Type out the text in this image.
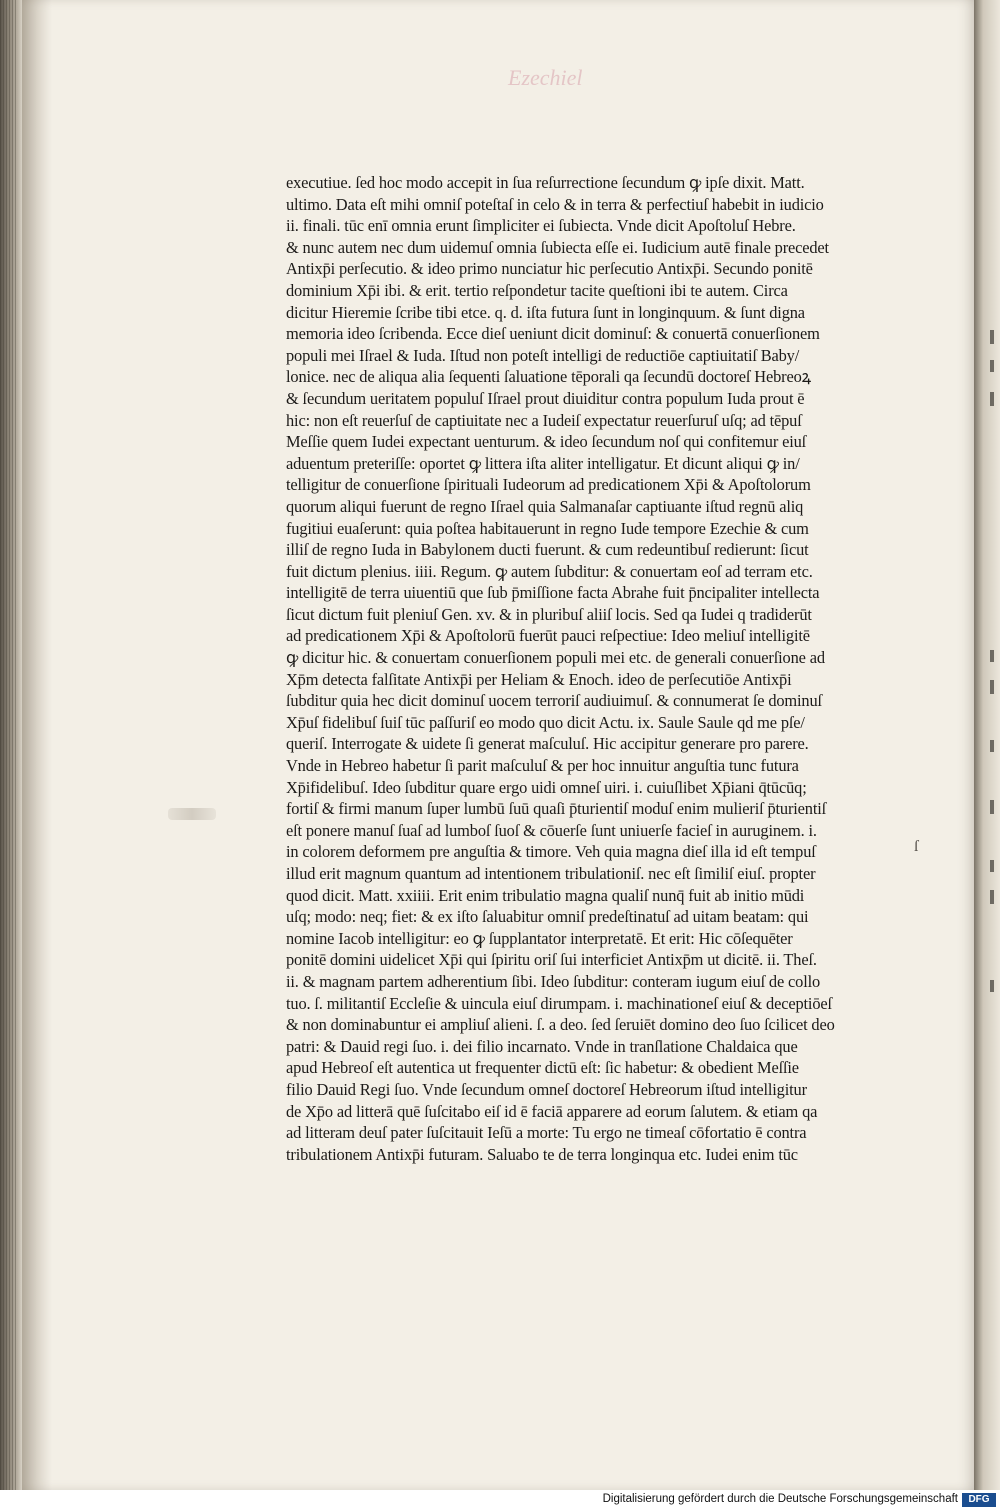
Ezechiel
ſ
executiue. ſed hoc modo accepit in ſua reſurrectione ſecundum ꝙ ipſe dixit. Matt.
ultimo. Data eſt mihi omniſ poteſtaſ in celo & in terra & perfectiuſ habebit in iudicio
ii. finali. tūc enī omnia erunt ſimpliciter ei ſubiecta. Vnde dicit Apoſtoluſ Hebre.
& nunc autem nec dum uidemuſ omnia ſubiecta eſſe ei. Iudicium autē finale precedet
Antixp̄i perſecutio. & ideo primo nunciatur hic perſecutio Antixp̄i. Secundo ponitē
dominium Xp̄i ibi. & erit. tertio reſpondetur tacite queſtioni ibi te autem. Circa
dicitur Hieremie ſcribe tibi etce. q. d. iſta futura ſunt in longinquum. & ſunt digna
memoria ideo ſcribenda. Ecce dieſ ueniunt dicit dominuſ: & conuertā conuerſionem
populi mei Iſrael & Iuda. Iſtud non poteſt intelligi de reductiōe captiuitatiſ Baby/
lonice. nec de aliqua alia ſequenti ſaluatione tēporali qa ſecundū doctoreſ Hebreoꝝ
& ſecundum ueritatem populuſ Iſrael prout diuiditur contra populum Iuda prout ē
hic: non eſt reuerſuſ de captiuitate nec a Iudeiſ expectatur reuerſuruſ uſq; ad tēpuſ
Meſſie quem Iudei expectant uenturum. & ideo ſecundum noſ qui confitemur eiuſ
aduentum preteriſſe: oportet ꝙ littera iſta aliter intelligatur. Et dicunt aliqui ꝙ in/
telligitur de conuerſione ſpirituali Iudeorum ad predicationem Xp̄i & Apoſtolorum
quorum aliqui fuerunt de regno Iſrael quia Salmanaſar captiuante iſtud regnū aliq
fugitiui euaſerunt: quia poſtea habitauerunt in regno Iude tempore Ezechie & cum
illiſ de regno Iuda in Babylonem ducti fuerunt. & cum redeuntibuſ redierunt: ſicut
fuit dictum plenius. iiii. Regum. ꝙ autem ſubditur: & conuertam eoſ ad terram etc.
intelligitē de terra uiuentiū que ſub p̄miſſione facta Abrahe fuit p̄ncipaliter intellecta
ſicut dictum fuit pleniuſ Gen. xv. & in pluribuſ aliiſ locis. Sed qa Iudei q tradiderūt
ad predicationem Xp̄i & Apoſtolorū fuerūt pauci reſpectiue: Ideo meliuſ intelligitē
ꝙ dicitur hic. & conuertam conuerſionem populi mei etc. de generali conuerſione ad
Xp̄m detecta falſitate Antixp̄i per Heliam & Enoch. ideo de perſecutiōe Antixp̄i
ſubditur quia hec dicit dominuſ uocem terroriſ audiuimuſ. & connumerat ſe dominuſ
Xp̄uſ fidelibuſ ſuiſ tūc paſſuriſ eo modo quo dicit Actu. ix. Saule Saule qd me pſe/
queriſ. Interrogate & uidete ſi generat maſculuſ. Hic accipitur generare pro parere.
Vnde in Hebreo habetur ſi parit maſculuſ & per hoc innuitur anguſtia tunc futura
Xp̄ifidelibuſ. Ideo ſubditur quare ergo uidi omneſ uiri. i. cuiuſlibet Xp̄iani q̄tūcūq;
fortiſ & firmi manum ſuper lumbū ſuū quaſi p̄turientiſ moduſ enim mulieriſ p̄turientiſ
eſt ponere manuſ ſuaſ ad lumboſ ſuoſ & cōuerſe ſunt uniuerſe facieſ in auruginem. i.
in colorem deformem pre anguſtia & timore. Veh quia magna dieſ illa id eſt tempuſ
illud erit magnum quantum ad intentionem tribulationiſ. nec eſt ſimiliſ eiuſ. propter
quod dicit. Matt. xxiiii. Erit enim tribulatio magna qualiſ nunq̄ fuit ab initio mūdi
uſq; modo: neq; fiet: & ex iſto ſaluabitur omniſ predeſtinatuſ ad uitam beatam: qui
nomine Iacob intelligitur: eo ꝙ ſupplantator interpretatē. Et erit: Hic cōſequēter
ponitē domini uidelicet Xp̄i qui ſpiritu oriſ ſui interficiet Antixp̄m ut dicitē. ii. Theſ.
ii. & magnam partem adherentium ſibi. Ideo ſubditur: conteram iugum eiuſ de collo
tuo. ſ. militantiſ Eccleſie & uincula eiuſ dirumpam. i. machinationeſ eiuſ & deceptiōeſ
& non dominabuntur ei ampliuſ alieni. ſ. a deo. ſed ſeruiēt domino deo ſuo ſcilicet deo
patri: & Dauid regi ſuo. i. dei filio incarnato. Vnde in tranſlatione Chaldaica que
apud Hebreoſ eſt autentica ut frequenter dictū eſt: ſic habetur: & obedient Meſſie
filio Dauid Regi ſuo. Vnde ſecundum omneſ doctoreſ Hebreorum iſtud intelligitur
de Xp̄o ad litterā quē ſuſcitabo eiſ id ē faciā apparere ad eorum ſalutem. & etiam qa
ad litteram deuſ pater ſuſcitauit Ieſū a morte: Tu ergo ne timeaſ cōfortatio ē contra
tribulationem Antixp̄i futuram. Saluabo te de terra longinqua etc. Iudei enim tūc
Digitalisierung gefördert durch die Deutsche Forschungsgemeinschaft	DFG
